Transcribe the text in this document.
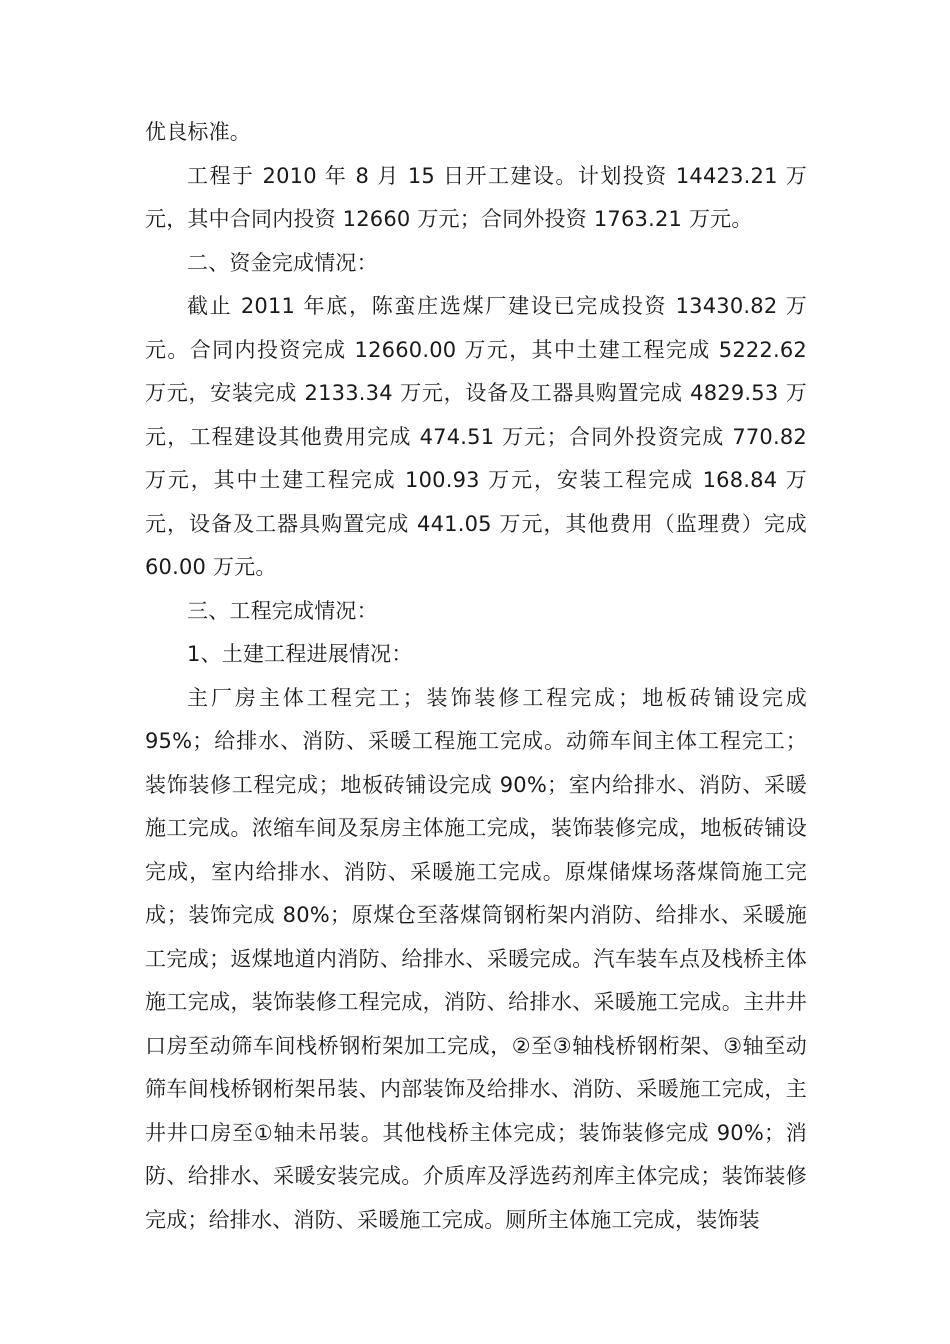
优良标准。

工程于 2010 年 8 月 15 日开工建设。计划投资 14423.21 万元，其中合同内投资 12660 万元；合同外投资 1763.21 万元。

二、资金完成情况：

截止 2011 年底，陈蛮庄选煤厂建设已完成投资 13430.82 万元。合同内投资完成 12660.00 万元，其中土建工程完成 5222.62 万元，安装完成 2133.34 万元，设备及工器具购置完成 4829.53 万元，工程建设其他费用完成 474.51 万元；合同外投资完成 770.82 万元，其中土建工程完成 100.93 万元，安装工程完成 168.84 万元，设备及工器具购置完成 441.05 万元，其他费用（监理费）完成 60.00 万元。

三、工程完成情况：

1、土建工程进展情况：

主厂房主体工程完工；装饰装修工程完成；地板砖铺设完成 95%；给排水、消防、采暖工程施工完成。动筛车间主体工程完工；装饰装修工程完成；地板砖铺设完成 90%；室内给排水、消防、采暖施工完成。浓缩车间及泵房主体施工完成，装饰装修完成，地板砖铺设完成，室内给排水、消防、采暖施工完成。原煤储煤场落煤筒施工完成；装饰完成 80%；原煤仓至落煤筒钢桁架内消防、给排水、采暖施工完成；返煤地道内消防、给排水、采暖完成。汽车装车点及栈桥主体施工完成，装饰装修工程完成，消防、给排水、采暖施工完成。主井井口房至动筛车间栈桥钢桁架加工完成，②至③轴栈桥钢桁架、③轴至动筛车间栈桥钢桁架吊装、内部装饰及给排水、消防、采暖施工完成，主井井口房至①轴未吊装。其他栈桥主体完成；装饰装修完成 90%；消防、给排水、采暖安装完成。介质库及浮选药剂库主体完成；装饰装修完成；给排水、消防、采暖施工完成。厕所主体施工完成，装饰装
